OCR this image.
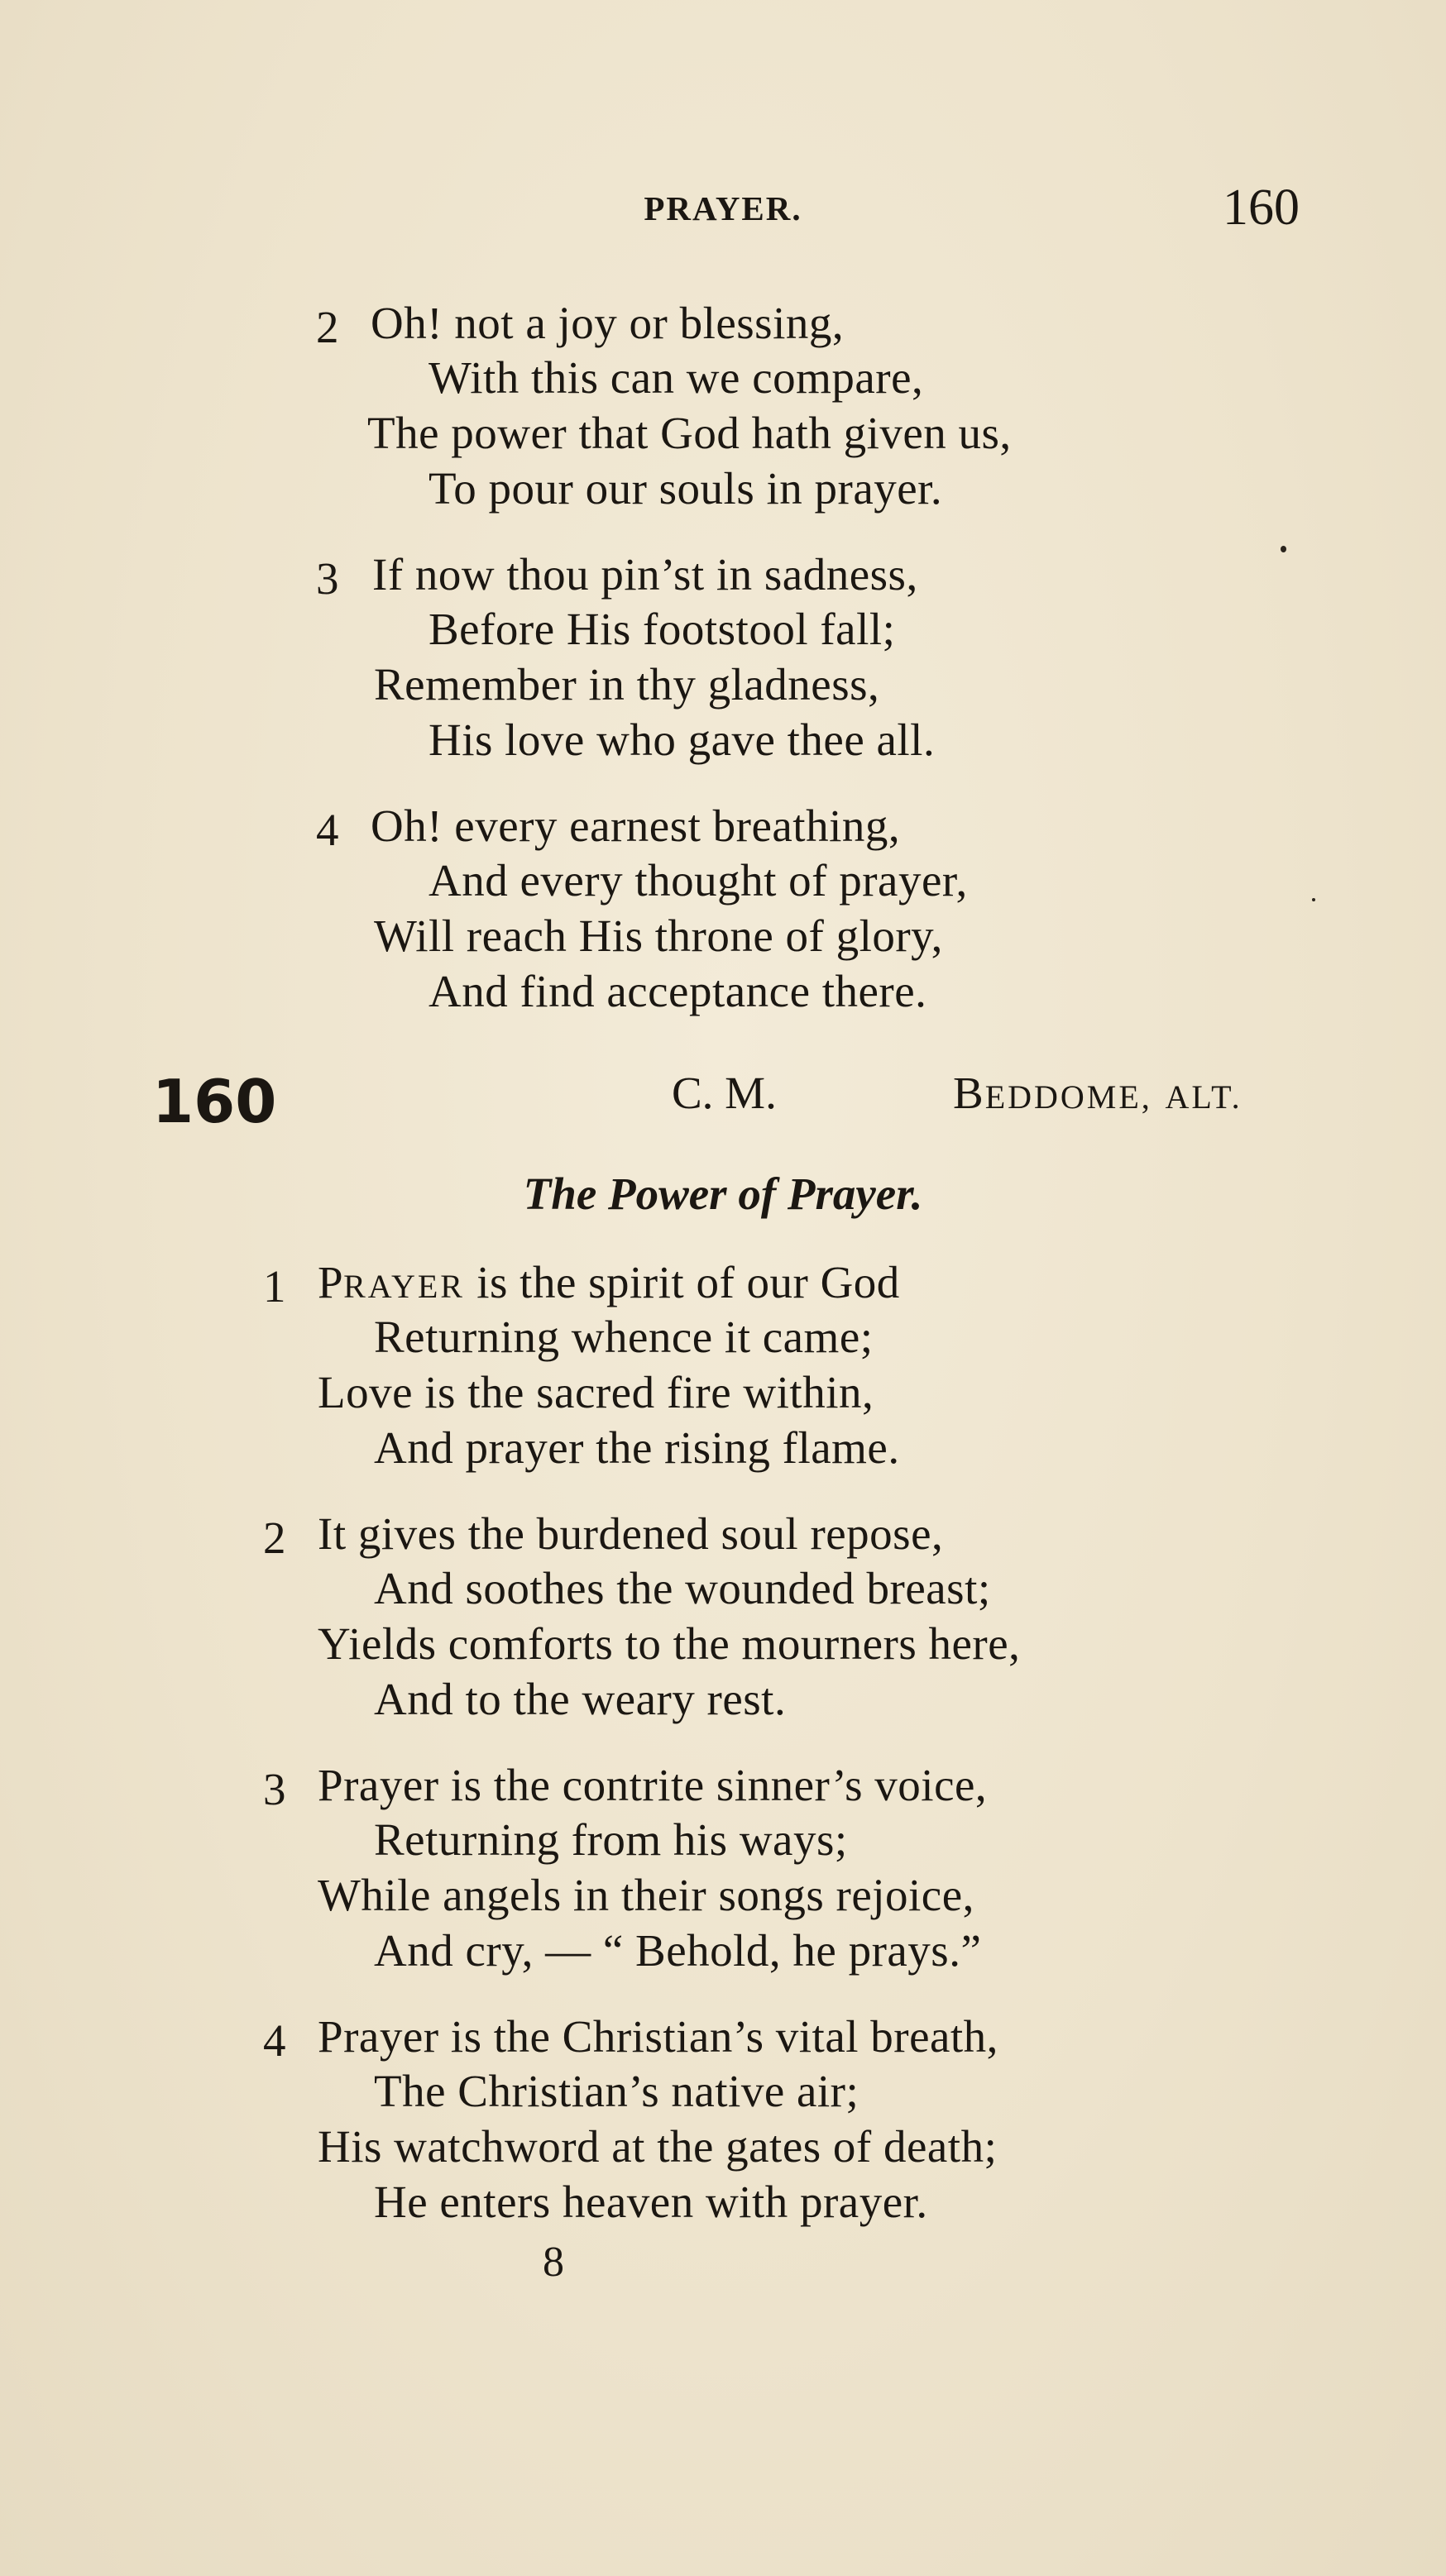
PRAYER.	160
2 Oh! not a joy or blessing,
With this can we compare,
The power that God hath given us,
To pour our souls in prayer.
3 If now thou pin’st in sadness,
Before His footstool fall;
Remember in thy gladness,
His love who gave thee all.
4 Oh! every earnest breathing,
And every thought of prayer,
Will reach His throne of glory,
And find acceptance there.
160	C. M.	BEDDOME, ALT.
The Power of Prayer.
1 PRAYER is the spirit of our God
Returning whence it came;
Love is the sacred fire within,
And prayer the rising flame.
2 It gives the burdened soul repose,
And soothes the wounded breast;
Yields comforts to the mourners here,
And to the weary rest.
3 Prayer is the contrite sinner’s voice,
Returning from his ways;
While angels in their songs rejoice,
And cry, — “ Behold, he prays.”
4 Prayer is the Christian’s vital breath,
The Christian’s native air;
His watchword at the gates of death;
He enters heaven with prayer.
8
